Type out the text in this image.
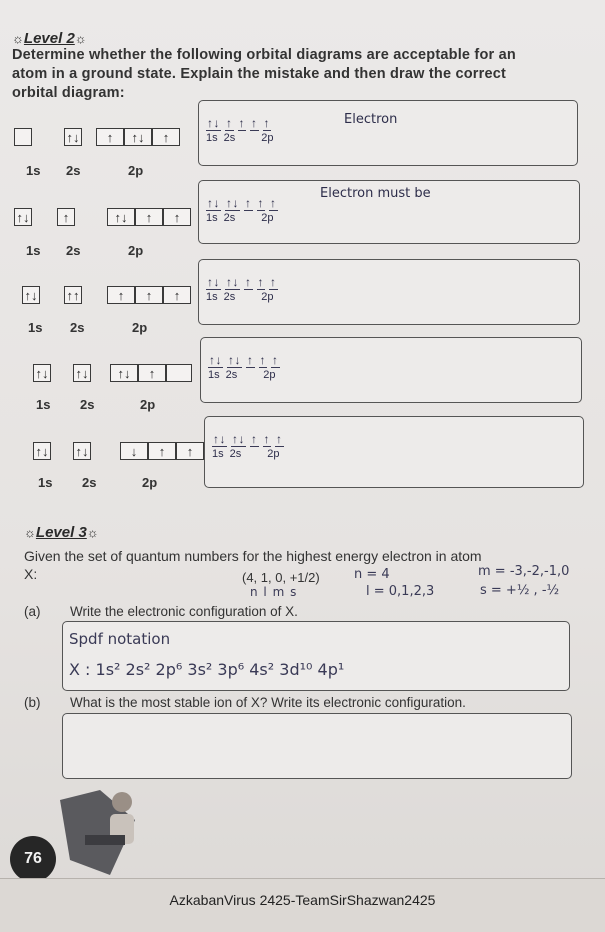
☼Level 2☼
Determine whether the following orbital diagrams are acceptable for an
atom in a ground state. Explain the mistake and then draw the correct
orbital diagram:
↑↓	↑	↑↓	↑
1s 2s	2p
↑↓ ↑ ↑ ↑ ↑
1s 2s 2p
Electron
↑↓	↑	↑↓	↑	↑
1s 2s	2p
↑↓ ↑↓ ↑ ↑ ↑
1s 2s 2p
Electron must be
↑↓ ↑↑	↑	↑	↑
1s 2s	2p
↑↓ ↑↓ ↑ ↑ ↑
1s 2s 2p
↑↓ ↑↓	↑↓	↑
1s 2s	2p
↑↓ ↑↓ ↑ ↑ ↑
1s 2s 2p
↑↓ ↑↓	↓	↑	↑
1s 2s	2p
↑↓ ↑↓ ↑ ↑ ↑
1s 2s 2p
☼Level 3☼
Given the set of quantum numbers for the highest energy electron in atom
X:	(4, 1, 0, +1/2)
n l m s
n = 4
l = 0,1,2,3
m = -3,-2,-1,0
s = +½ , -½
(a) Write the electronic configuration of X.
Spdf notation
X : 1s² 2s² 2p⁶ 3s² 3p⁶ 4s² 3d¹⁰ 4p¹
(b) What is the most stable ion of X? Write its electronic configuration.
76
AzkabanVirus 2425-TeamSirShazwan2425
